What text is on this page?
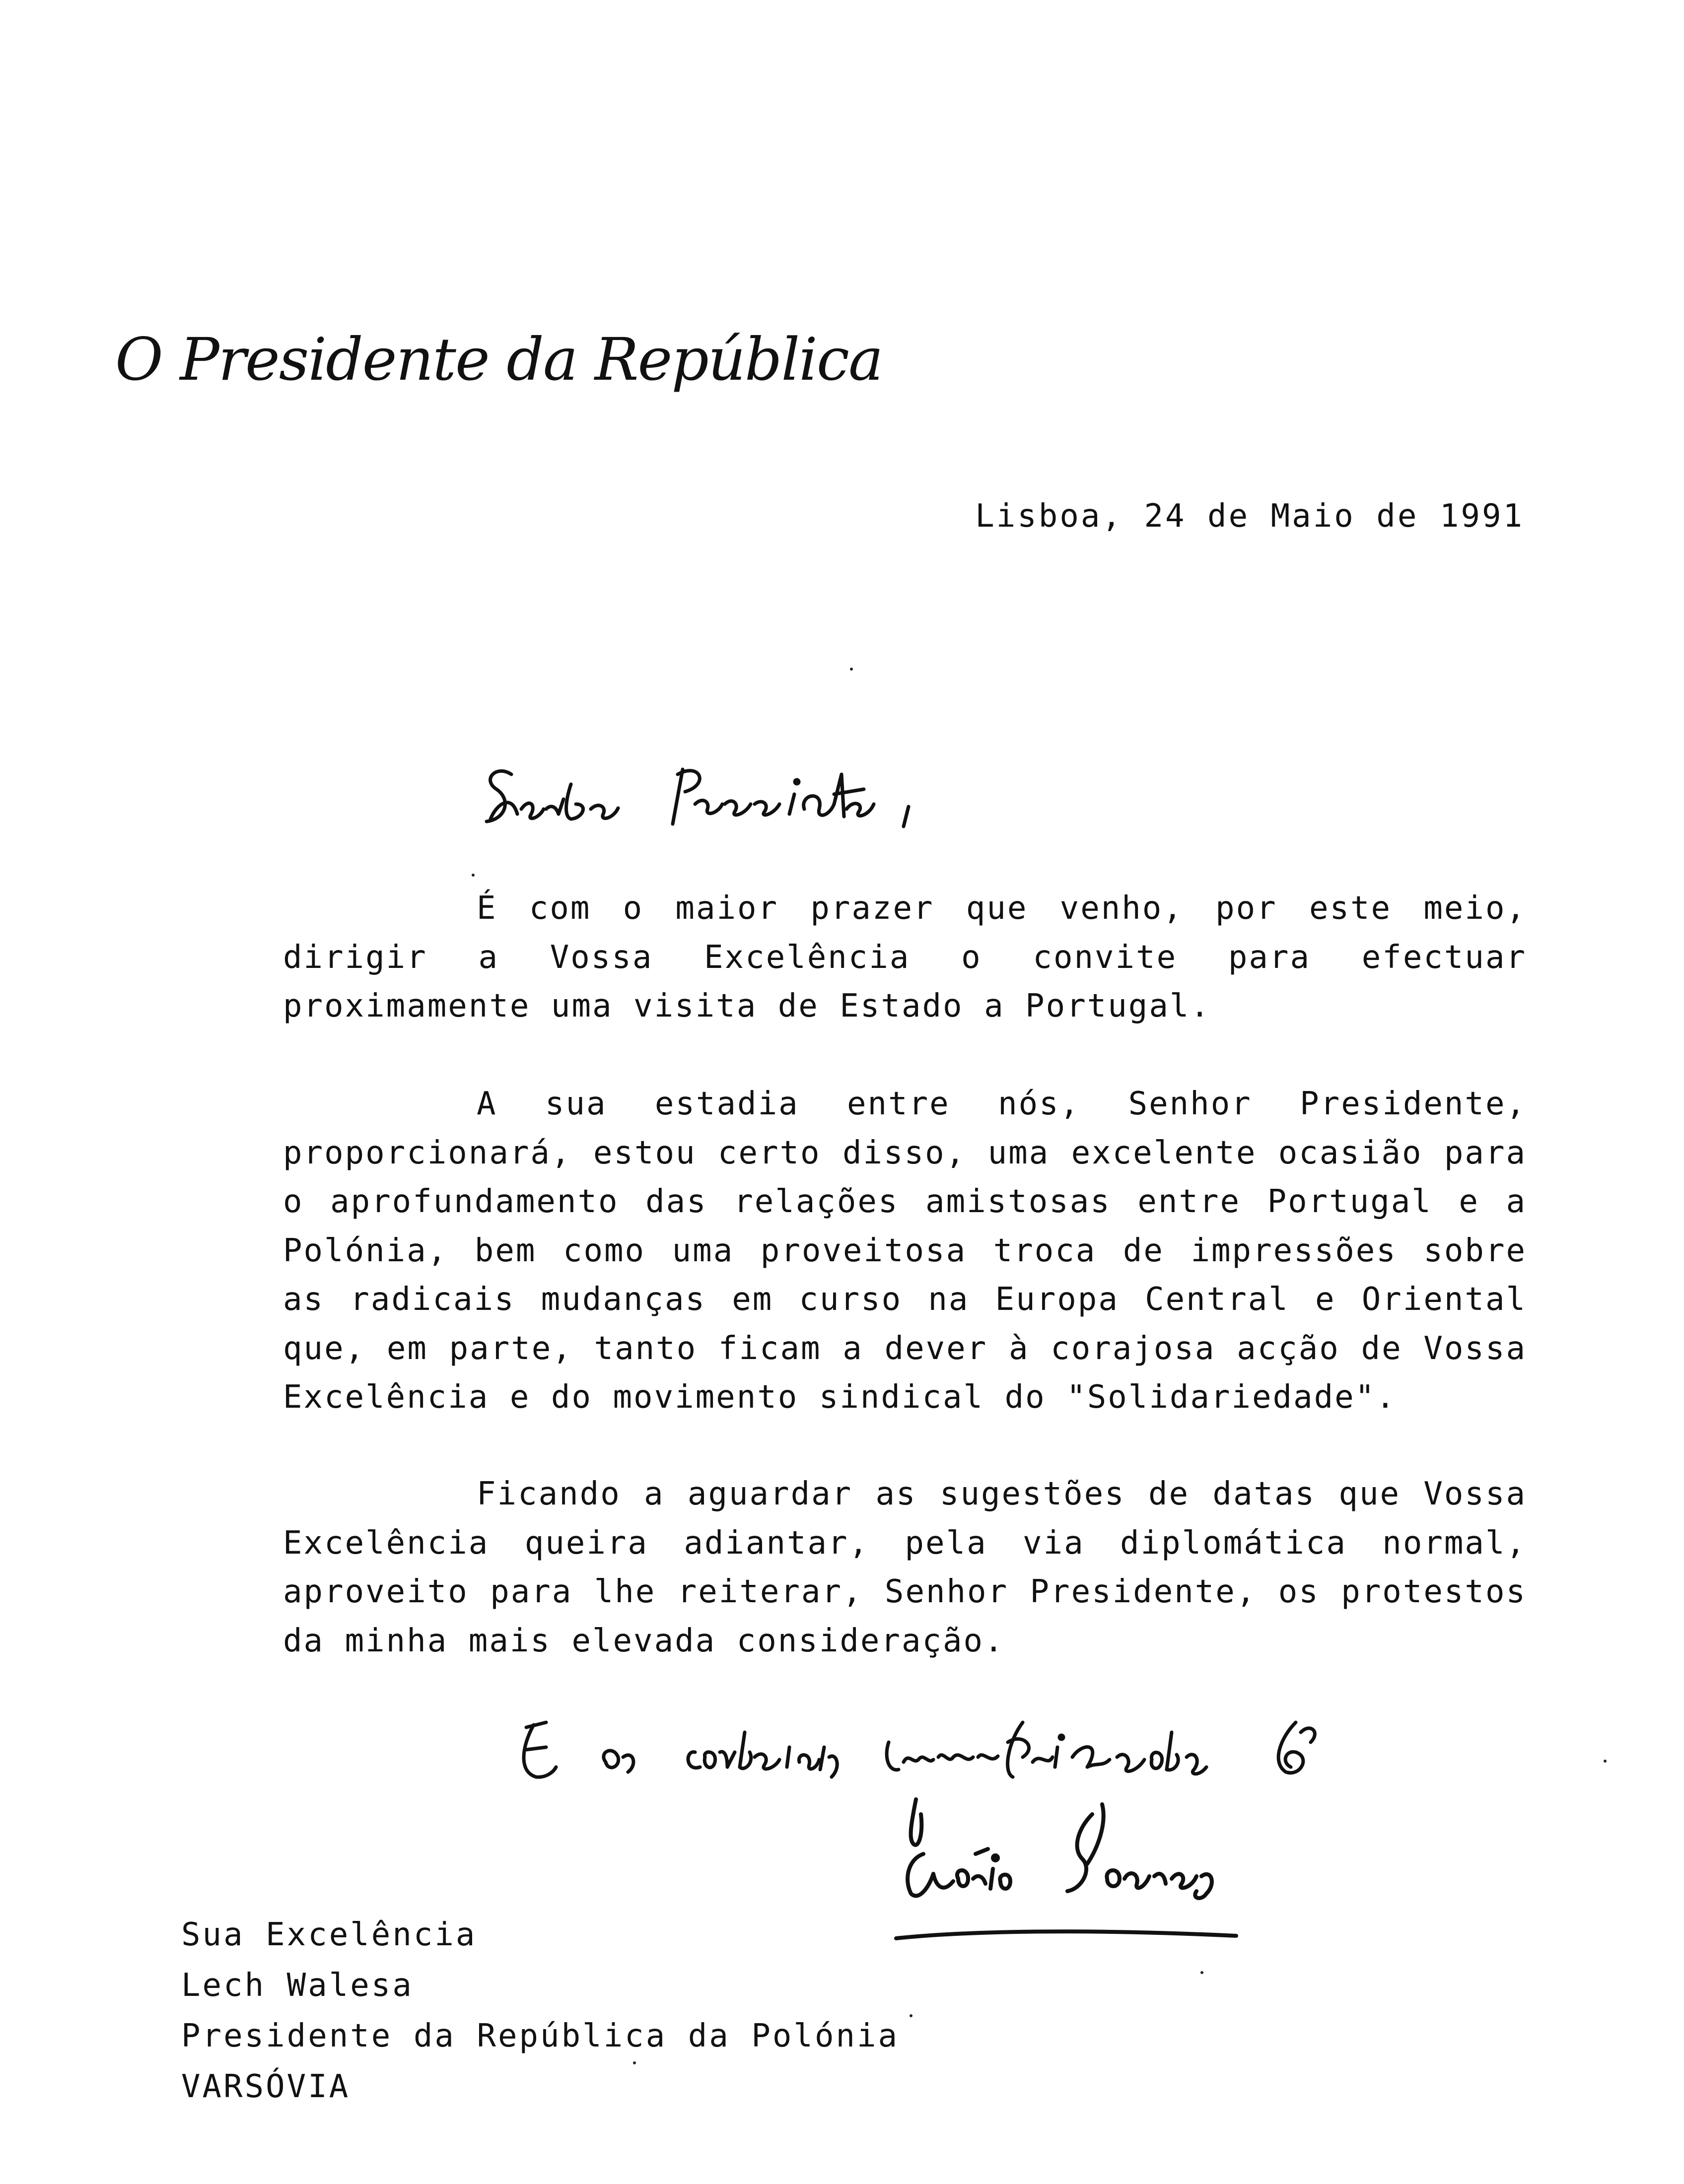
O Presidente da República
Lisboa, 24 de Maio de 1991

É com o maior prazer que venho, por este meio, dirigir a Vossa Excelência o convite para efectuar proximamente uma visita de Estado a Portugal.

A sua estadia entre nós, Senhor Presidente, proporcionará, estou certo disso, uma excelente ocasião para o aprofundamento das relações amistosas entre Portugal e a Polónia, bem como uma proveitosa troca de impressões sobre as radicais mudanças em curso na Europa Central e Oriental que, em parte, tanto ficam a dever à corajosa acção de Vossa Excelência e do movimento sindical do "Solidariedade".

Ficando a aguardar as sugestões de datas que Vossa Excelência queira adiantar, pela via diplomática normal, aproveito para lhe reiterar, Senhor Presidente, os protestos da minha mais elevada consideração.

Sua Excelência
Lech Walesa
Presidente da República da Polónia
VARSÓVIA
